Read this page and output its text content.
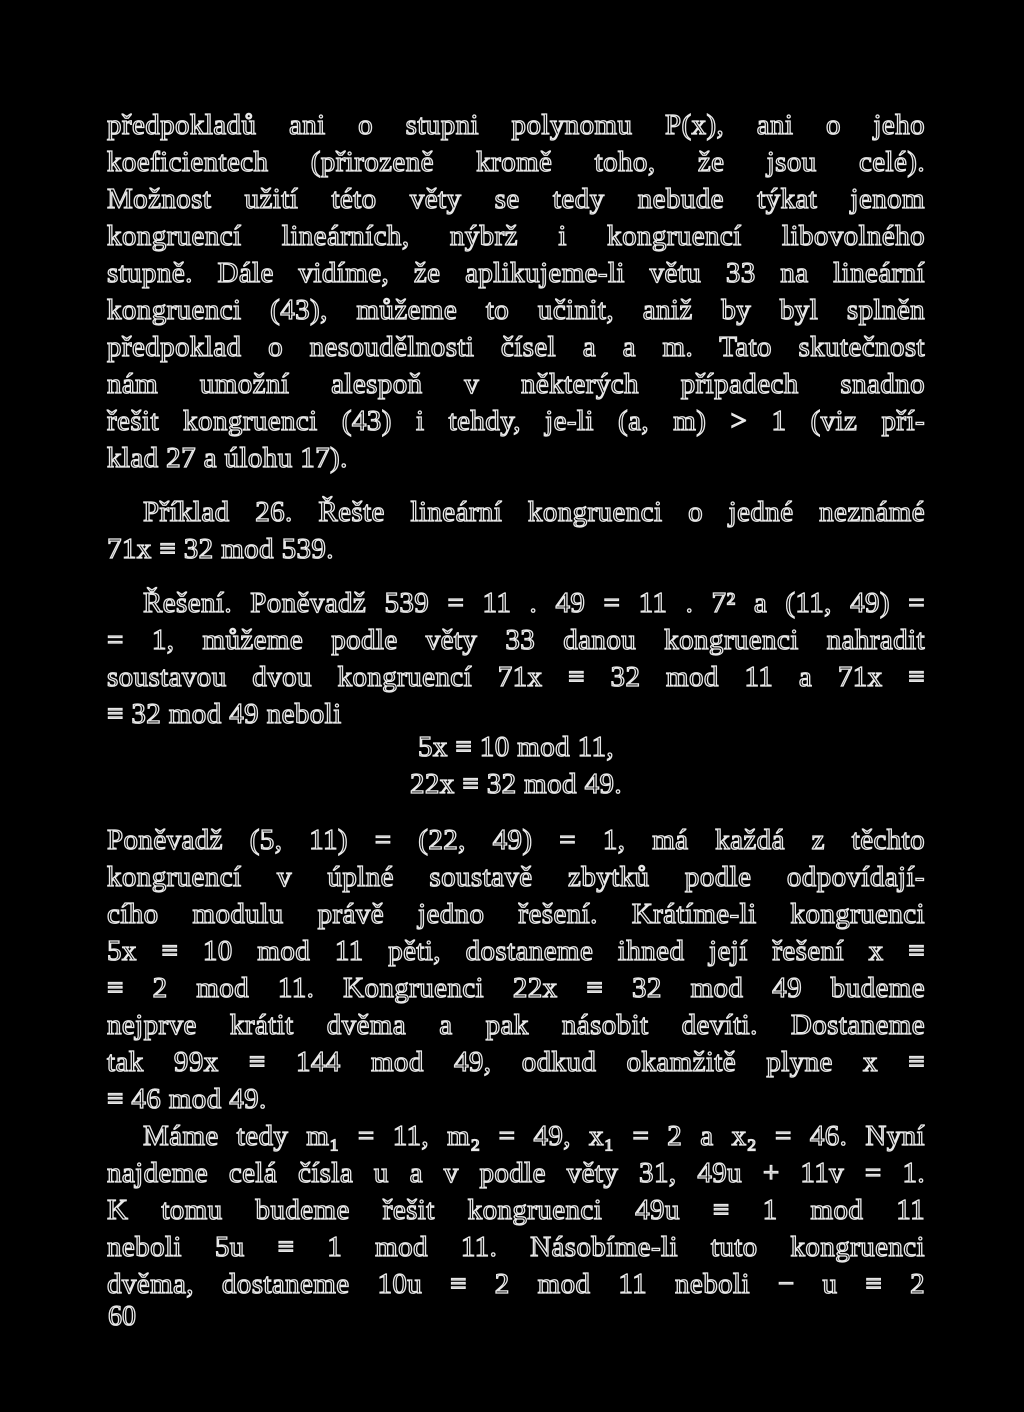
předpokladů ani o stupni polynomu P(x), ani o jeho
koeficientech (přirozeně kromě toho, že jsou celé).
Možnost užití této věty se tedy nebude týkat jenom
kongruencí lineárních, nýbrž i kongruencí libovolného
stupně. Dále vidíme, že aplikujeme-li větu 33 na lineární
kongruenci (43), můžeme to učinit, aniž by byl splněn
předpoklad o nesoudělnosti čísel a a m. Tato skutečnost
nám umožní alespoň v některých případech snadno
řešit kongruenci (43) i tehdy, je-li (a, m) > 1 (viz pří-
klad 27 a úlohu 17).
Příklad 26. Řešte lineární kongruenci o jedné neznámé
71x ≡ 32 mod 539.
Řešení. Poněvadž 539 = 11 . 49 = 11 . 7² a (11, 49) =
= 1, můžeme podle věty 33 danou kongruenci nahradit
soustavou dvou kongruencí 71x ≡ 32 mod 11 a 71x ≡
≡ 32 mod 49 neboli
5x ≡ 10 mod 11,
22x ≡ 32 mod 49.
Poněvadž (5, 11) = (22, 49) = 1, má každá z těchto
kongruencí v úplné soustavě zbytků podle odpovídají-
cího modulu právě jedno řešení. Krátíme-li kongruenci
5x ≡ 10 mod 11 pěti, dostaneme ihned její řešení x ≡
≡ 2 mod 11. Kongruenci 22x ≡ 32 mod 49 budeme
nejprve krátit dvěma a pak násobit devíti. Dostaneme
tak 99x ≡ 144 mod 49, odkud okamžitě plyne x ≡
≡ 46 mod 49.
Máme tedy m₁ = 11, m₂ = 49, x₁ = 2 a x₂ = 46. Nyní
najdeme celá čísla u a v podle věty 31, 49u + 11v = 1.
K tomu budeme řešit kongruenci 49u ≡ 1 mod 11
neboli 5u ≡ 1 mod 11. Násobíme-li tuto kongruenci
dvěma, dostaneme 10u ≡ 2 mod 11 neboli − u ≡ 2
60
